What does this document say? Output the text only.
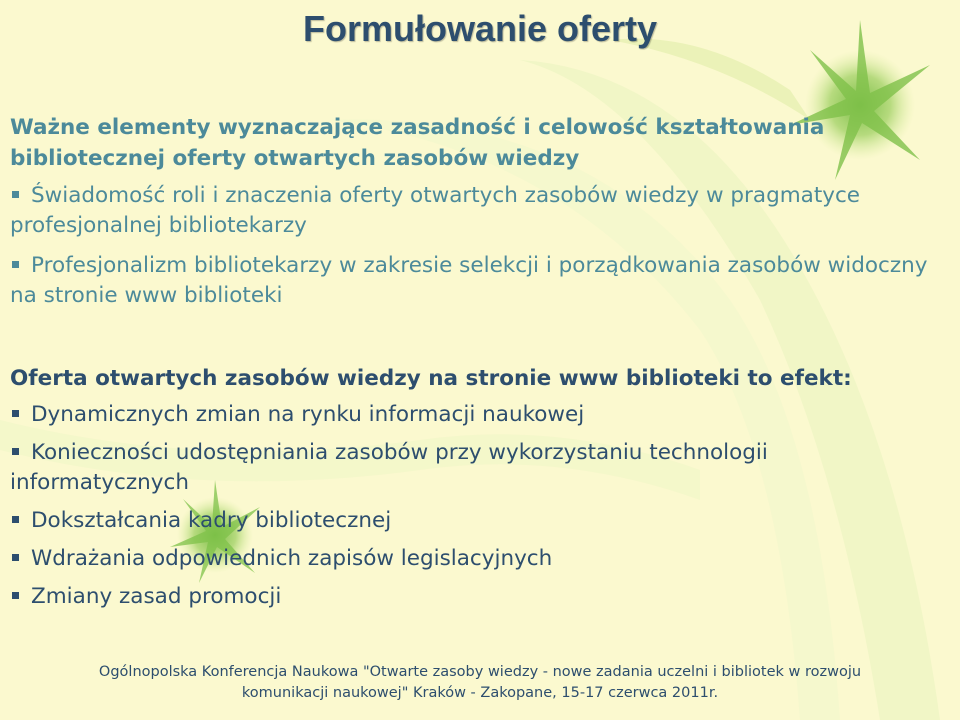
Formułowanie oferty

Ważne elementy wyznaczające zasadność i celowość kształtowania bibliotecznej oferty otwartych zasobów wiedzy

Świadomość roli i znaczenia oferty otwartych zasobów wiedzy w pragmatyce profesjonalnej bibliotekarzy
Profesjonalizm bibliotekarzy w zakresie selekcji i porządkowania zasobów widoczny na stronie www biblioteki

Oferta otwartych zasobów wiedzy na stronie www biblioteki to efekt:

Dynamicznych zmian na rynku informacji naukowej
Konieczności udostępniania zasobów przy wykorzystaniu technologii informatycznych
Dokształcania kadry bibliotecznej
Wdrażania odpowiednich zapisów legislacyjnych
Zmiany zasad promocji
Ogólnopolska Konferencja Naukowa "Otwarte zasoby wiedzy - nowe zadania uczelni i bibliotek w rozwoju
komunikacji naukowej" Kraków - Zakopane, 15-17 czerwca 2011r.
